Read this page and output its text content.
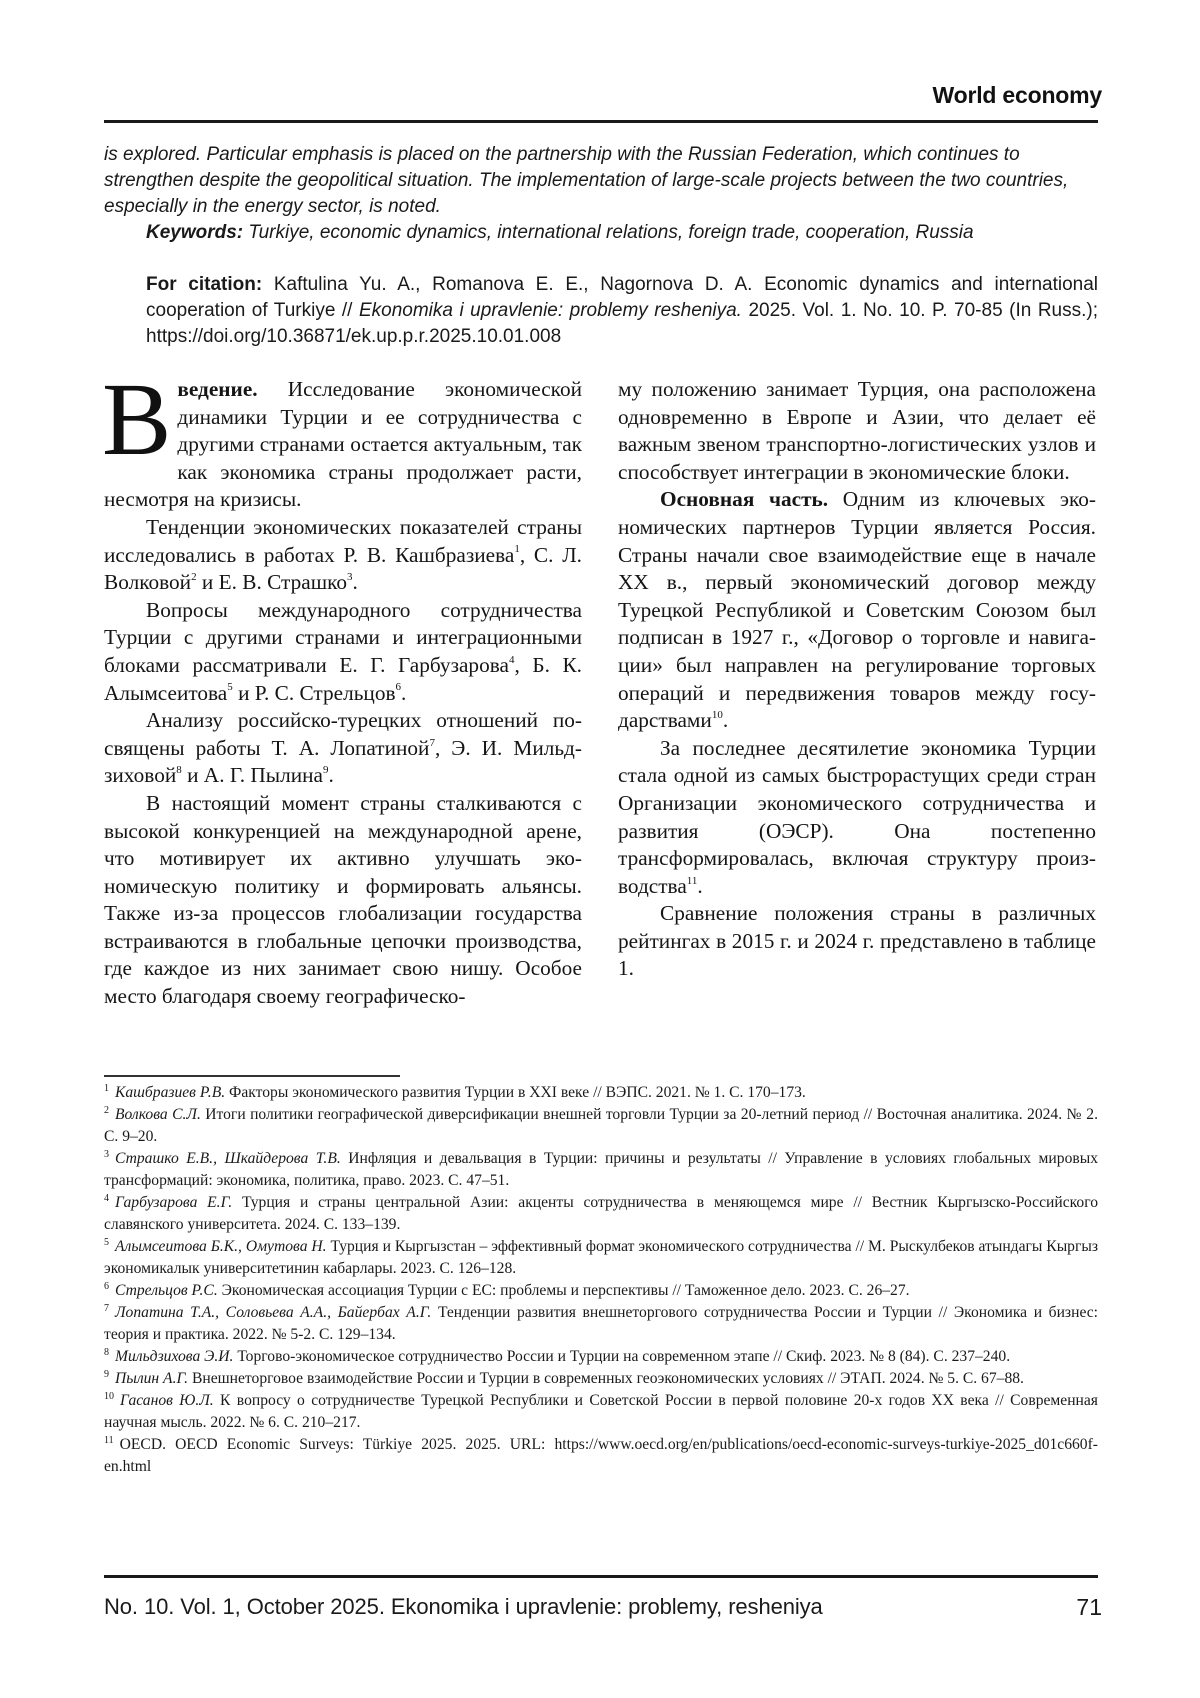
World economy
is explored. Particular emphasis is placed on the partnership with the Russian Federation, which continues to strengthen despite the geopolitical situation. The implementation of large-scale projects between the two countries, especially in the energy sector, is noted.
Keywords: Turkiye, economic dynamics, international relations, foreign trade, cooperation, Russia
For citation: Kaftulina Yu. A., Romanova E. E., Nagornova D. A. Economic dynamics and international cooperation of Turkiye // Ekonomika i upravlenie: problemy resheniya. 2025. Vol. 1. No. 10. P. 70-85 (In Russ.); https://doi.org/10.36871/ek.up.p.r.2025.10.01.008

Введение. Исследование экономической динамики Турции и ее сотрудничества с другими странами остается актуальным, так как экономика страны продолжает расти, несмотря на кризисы.

Тенденции экономических показателей страны исследовались в работах Р. В. Кашбразиева$^1$, С. Л. Волковой$^2$ и Е. В. Страшко$^3$.

Вопросы международного сотрудничества Турции с другими странами и интеграционными блоками рассматривали Е. Г. Гарбузарова$^4$, Б. К. Алымсеитова$^5$ и Р. С. Стрельцов$^6$.

Анализу российско-турецких отношений посвящены работы Т. А. Лопатиной$^7$, Э. И. Мильдзиховой$^8$ и А. Г. Пылина$^9$.

В настоящий момент страны сталкиваются с высокой конкуренцией на международной арене, что мотивирует их активно улучшать экономическую политику и формировать альянсы. Также из-за процессов глобализации государства встраиваются в глобальные цепочки производства, где каждое из них занимает свою нишу. Особое место благодаря своему географическо-

му положению занимает Турция, она расположена одновременно в Европе и Азии, что делает её важным звеном транспортно-логистических узлов и способствует интеграции в экономические блоки.

Основная часть. Одним из ключевых экономических партнеров Турции является Россия. Страны начали свое взаимодействие еще в начале XX в., первый экономический договор между Турецкой Республикой и Советским Союзом был подписан в 1927 г., «Договор о торговле и навигации» был направлен на регулирование торговых операций и передвижения товаров между государствами$^{10}$.

За последнее десятилетие экономика Турции стала одной из самых быстрорастущих среди стран Организации экономического сотрудничества и развития (ОЭСР). Она постепенно трансформировалась, включая структуру производства$^{11}$.

Сравнение положения страны в различных рейтингах в 2015 г. и 2024 г. представлено в таблице 1.

$^1$ Кашбразиев Р.В. Факторы экономического развития Турции в XXI веке // ВЭПС. 2021. № 1. С. 170–173.

$^2$ Волкова С.Л. Итоги политики географической диверсификации внешней торговли Турции за 20-летний период // Восточная аналитика. 2024. № 2. С. 9–20.

$^3$ Страшко Е.В., Шкайдерова Т.В. Инфляция и девальвация в Турции: причины и результаты // Управление в условиях глобальных мировых трансформаций: экономика, политика, право. 2023. С. 47–51.

$^4$ Гарбузарова Е.Г. Турция и страны центральной Азии: акценты сотрудничества в меняющемся мире // Вестник Кыргызско-Российского славянского университета. 2024. С. 133–139.

$^5$ Алымсеитова Б.К., Омутова Н. Турция и Кыргызстан – эффективный формат экономического сотрудничества // М. Рыскулбеков атындагы Кыргыз экономикалык университетинин кабарлары. 2023. С. 126–128.

$^6$ Стрельцов Р.С. Экономическая ассоциация Турции с ЕС: проблемы и перспективы // Таможенное дело. 2023. С. 26–27.

$^7$ Лопатина Т.А., Соловьева А.А., Байербах А.Г. Тенденции развития внешнеторгового сотрудничества России и Турции // Экономика и бизнес: теория и практика. 2022. № 5-2. С. 129–134.

$^8$ Мильдзихова Э.И. Торгово-экономическое сотрудничество России и Турции на современном этапе // Скиф. 2023. № 8 (84). С. 237–240.

$^9$ Пылин А.Г. Внешнеторговое взаимодействие России и Турции в современных геоэкономических условиях // ЭТАП. 2024. № 5. С. 67–88.

$^{10}$ Гасанов Ю.Л. К вопросу о сотрудничестве Турецкой Республики и Советской России в первой половине 20-х годов XX века // Современная научная мысль. 2022. № 6. С. 210–217.

$^{11}$ OECD. OECD Economic Surveys: Türkiye 2025. 2025. URL: https://www.oecd.org/en/publications/oecd-economic-surveys-turkiye-2025_d01c660f-en.html

No. 10. Vol. 1, October 2025. Ekonomika i upravlenie: problemy, resheniya	71
